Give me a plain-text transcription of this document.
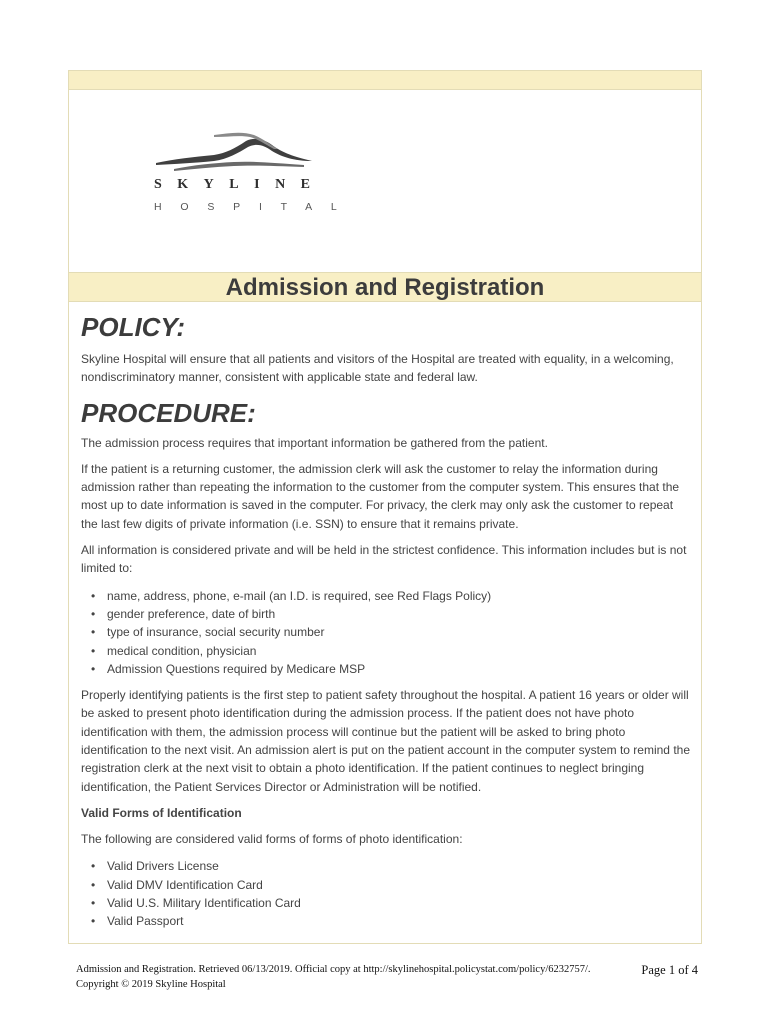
SKYLINE
HOSPITAL
Admission and Registration
POLICY:

Skyline Hospital will ensure that all patients and visitors of the Hospital are treated with equality, in a welcoming, nondiscriminatory manner, consistent with applicable state and federal law.

PROCEDURE:

The admission process requires that important information be gathered from the patient.

If the patient is a returning customer, the admission clerk will ask the customer to relay the information during admission rather than repeating the information to the customer from the computer system. This ensures that the most up to date information is saved in the computer. For privacy, the clerk may only ask the customer to repeat the last few digits of private information (i.e. SSN) to ensure that it remains private.

All information is considered private and will be held in the strictest confidence. This information includes but is not limited to:

• name, address, phone, e-mail (an I.D. is required, see Red Flags Policy)
• gender preference, date of birth
• type of insurance, social security number
• medical condition, physician
• Admission Questions required by Medicare MSP

Properly identifying patients is the first step to patient safety throughout the hospital. A patient 16 years or older will be asked to present photo identification during the admission process. If the patient does not have photo identification with them, the admission process will continue but the patient will be asked to bring photo identification to the next visit. An admission alert is put on the patient account in the computer system to remind the registration clerk at the next visit to obtain a photo identification. If the patient continues to neglect bringing identification, the Patient Services Director or Administration will be notified.

Valid Forms of Identification

The following are considered valid forms of forms of photo identification:

• Valid Drivers License
• Valid DMV Identification Card
• Valid U.S. Military Identification Card
• Valid Passport
Admission and Registration. Retrieved 06/13/2019. Official copy at http://skylinehospital.policystat.com/policy/6232757/.
Copyright © 2019 Skyline Hospital
Page 1 of 4
